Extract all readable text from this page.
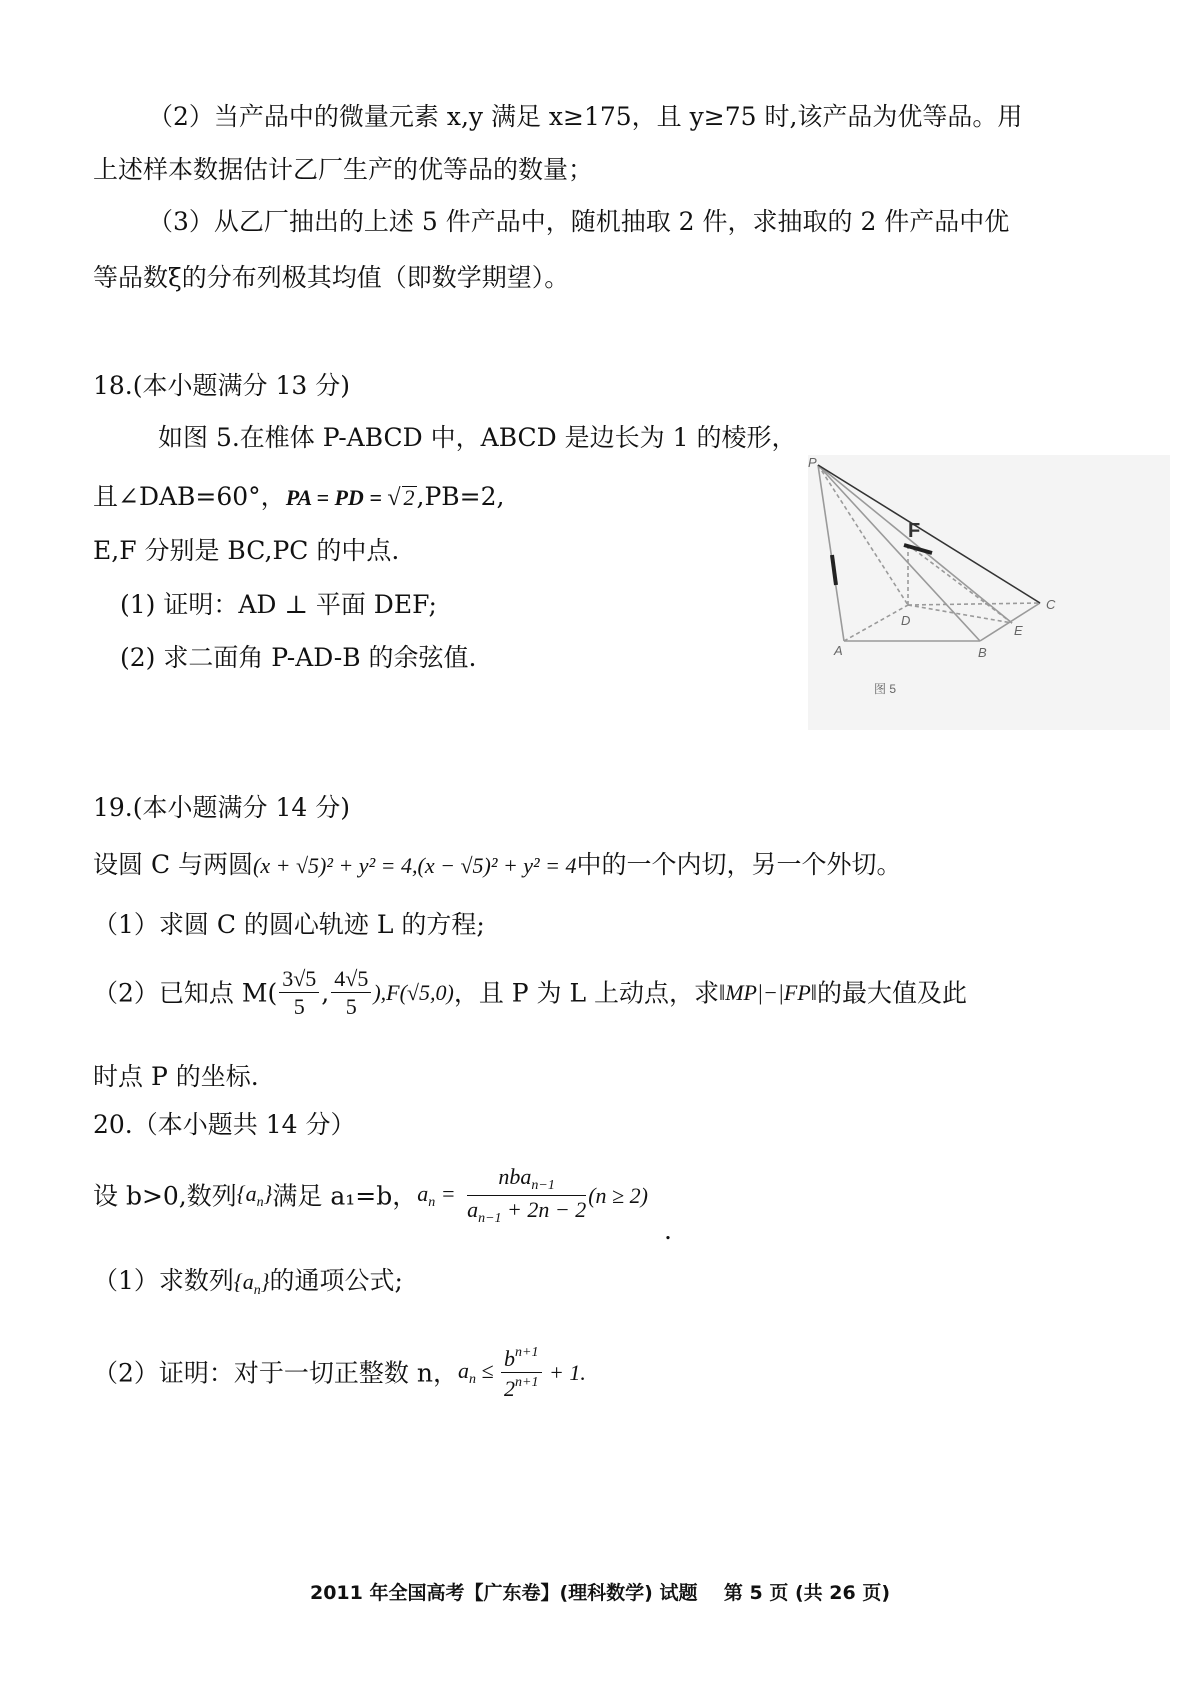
（2）当产品中的微量元素 x,y 满足 x≥175，且 y≥75 时,该产品为优等品。用
上述样本数据估计乙厂生产的优等品的数量；
（3）从乙厂抽出的上述 5 件产品中，随机抽取 2 件，求抽取的 2 件产品中优
等品数ξ的分布列极其均值（即数学期望）。
18.(本小题满分 13 分)
如图 5.在椎体 P-ABCD 中，ABCD 是边长为 1 的棱形，
且∠DAB=60°，PA = PD = √ 2,PB=2,
E,F 分别是 BC,PC 的中点.
(1) 证明：AD ⊥ 平面 DEF;
(2) 求二面角 P-AD-B 的余弦值.
P
F
D
C
E
A	B
图 5
19.(本小题满分 14 分)
设圆 C 与两圆(x + √5)² + y² = 4,(x − √5)² + y² = 4中的一个内切，另一个外切。
（1）求圆 C 的圆心轨迹 L 的方程;
（2）已知点 $M( \frac{3√5}{5}$ , $\frac{4√5}{5} ),F(√5,0)$，且 P 为 L 上动点，求‖MP|−|FP‖的最大值及此
时点 P 的坐标.
20.（本小题共 14 分）
设 b>0,数列$\{a_n\}$满足 a₁=b，$a_n = \frac{nba_{n-1}}{a_{n-1} + 2n - 2} (n \ge 2)$
.
（1）求数列$\{a_n\}$的通项公式;
（2）证明：对于一切正整数 n，$a_n \le \frac{b^{n+1}}{2^{n+1}} + 1$.
2011 年全国高考【广东卷】(理科数学) 试题    第 5 页 (共 26 页)
